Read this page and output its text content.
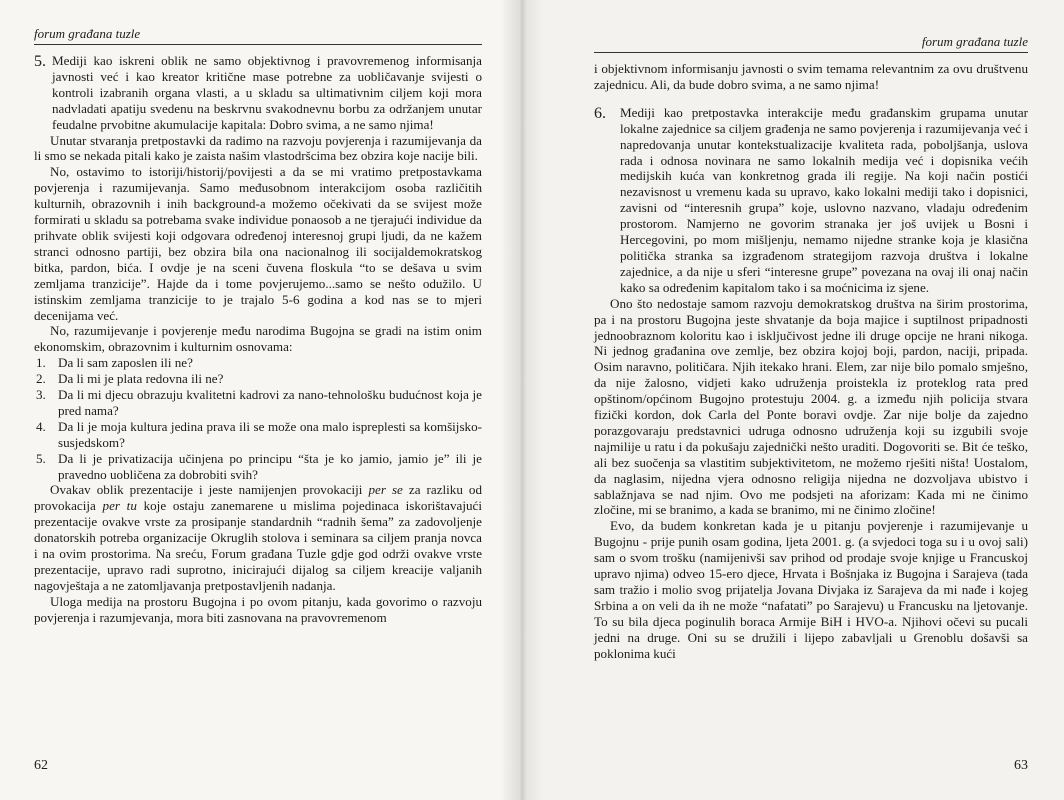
forum građana tuzle
5. Mediji kao iskreni oblik ne samo objektivnog i pravovremenog informisanja javnosti već i kao kreator kritične mase potrebne za uobličavanje svijesti o kontroli izabranih organa vlasti, a u skladu sa ultimativnim ciljem koji mora nadvladati apatiju svedenu na beskrvnu svakodnevnu borbu za održanjem unutar feudalne prvobitne akumulacije kapitala: Dobro svima, a ne samo njima!

Unutar stvaranja pretpostavki da radimo na razvoju povjerenja i razumijevanja da li smo se nekada pitali kako je zaista našim vlastodršcima bez obzira koje nacije bili.

No, ostavimo to istoriji/historij/povijesti a da se mi vratimo pretpostavkama povjerenja i razumijevanja. Samo međusobnom interakcijom osoba različitih kulturnih, obrazovnih i inih background-a možemo očekivati da se svijest može formirati u skladu sa potrebama svake individue ponaosob a ne tjerajući individue da prihvate oblik svijesti koji odgovara određenoj interesnoj grupi ljudi, da ne kažem stranci odnosno partiji, bez obzira bila ona nacionalnog ili socijaldemokratskog bitka, pardon, bića. I ovdje je na sceni čuvena floskula “to se dešava u svim zemljama tranzicije”. Hajde da i tome povjerujemo...samo se nešto odužilo. U istinskim zemljama tranzicije to je trajalo 5-6 godina a kod nas se to mjeri decenijama već.

No, razumijevanje i povjerenje među narodima Bugojna se gradi na istim onim ekonomskim, obrazovnim i kulturnim osnovama:

1. Da li sam zaposlen ili ne?
2. Da li mi je plata redovna ili ne?
3. Da li mi djecu obrazuju kvalitetni kadrovi za nano-tehnološku budućnost koja je pred nama?
4. Da li je moja kultura jedina prava ili se može ona malo ispreplesti sa komšijsko-susjedskom?
5. Da li je privatizacija učinjena po principu “šta je ko jamio, jamio je” ili je pravedno uobličena za dobrobiti svih?

Ovakav oblik prezentacije i jeste namijenjen provokaciji per se za razliku od provokacija per tu koje ostaju zanemarene u mislima pojedinaca iskorištavajući prezentacije ovakve vrste za prosipanje standardnih “radnih šema” za zadovoljenje donatorskih potreba organizacije Okruglih stolova i seminara sa ciljem pranja novca i na ovim prostorima. Na sreću, Forum građana Tuzle gdje god održi ovakve vrste prezentacije, upravo radi suprotno, inicirajući dijalog sa ciljem kreacije valjanih nagovještaja a ne zatomljavanja pretpostavljenih nadanja.

Uloga medija na prostoru Bugojna i po ovom pitanju, kada govorimo o razvoju povjerenja i razumjevanja, mora biti zasnovana na pravovremenom

62
forum građana tuzle

i objektivnom informisanju javnosti o svim temama relevantnim za ovu društvenu zajednicu. Ali, da bude dobro svima, a ne samo njima!

6.	Mediji kao pretpostavka interakcije među građanskim grupama unutar lokalne zajednice sa ciljem građenja ne samo povjerenja i razumijevanja već i napredovanja unutar kontekstualizacije kvaliteta rada, poboljšanja, uslova rada i odnosa novinara ne samo lokalnih medija već i dopisnika većih medijskih kuća van konkretnog grada ili regije. Na koji način postići nezavisnost u vremenu kada su upravo, kako lokalni mediji tako i dopisnici, zavisni od “interesnih grupa” koje, uslovno nazvano, vladaju određenim prostorom. Namjerno ne govorim stranaka jer još uvijek u Bosni i Hercegovini, po mom mišljenju, nemamo nijedne stranke koja je klasična politička stranka sa izgrađenom strategijom razvoja društva i lokalne zajednice, a da nije u sferi “interesne grupe” povezana na ovaj ili onaj način kako sa određenim kapitalom tako i sa moćnicima iz sjene.

Ono što nedostaje samom razvoju demokratskog društva na širim prostorima, pa i na prostoru Bugojna jeste shvatanje da boja majice i suptilnost pripadnosti jednoobraznom koloritu kao i isključivost jedne ili druge opcije ne hrani nikoga. Ni jednog građanina ove zemlje, bez obzira kojoj boji, pardon, naciji, pripada. Osim naravno, političara. Njih itekako hrani. Elem, zar nije bilo pomalo smješno, da nije žalosno, vidjeti kako udruženja proistekla iz proteklog rata pred opštinom/općinom Bugojno protestuju 2004. g. a između njih policija stvara fizički kordon, dok Carla del Ponte boravi ovdje. Zar nije bolje da zajedno porazgovaraju predstavnici udruga odnosno udruženja koji su izgubili svoje najmilije u ratu i da pokušaju zajednički nešto uraditi. Dogovoriti se. Bit će teško, ali bez suočenja sa vlastitim subjektivitetom, ne možemo rješiti ništa! Uostalom, da naglasim, nijedna vjera odnosno religija nijedna ne dozvoljava ubistvo i sablažnjava se nad njim. Ovo me podsjeti na aforizam: Kada mi ne činimo zločine, mi se branimo, a kada se branimo, mi ne činimo zločine!

Evo, da budem konkretan kada je u pitanju povjerenje i razumijevanje u Bugojnu - prije punih osam godina, ljeta 2001. g. (a svjedoci toga su i u ovoj sali) sam o svom trošku (namijenivši sav prihod od prodaje svoje knjige u Francuskoj upravo njima) odveo 15-ero djece, Hrvata i Bošnjaka iz Bugojna i Sarajeva (tada sam tražio i molio svog prijatelja Jovana Divjaka iz Sarajeva da mi nađe i kojeg Srbina a on veli da ih ne može “nafatati” po Sarajevu) u Francusku na ljetovanje. To su bila djeca poginulih boraca Armije BiH i HVO-a. Njihovi očevi su pucali jedni na druge. Oni su se družili i lijepo zabavljali u Grenoblu došavši sa poklonima kući

63
